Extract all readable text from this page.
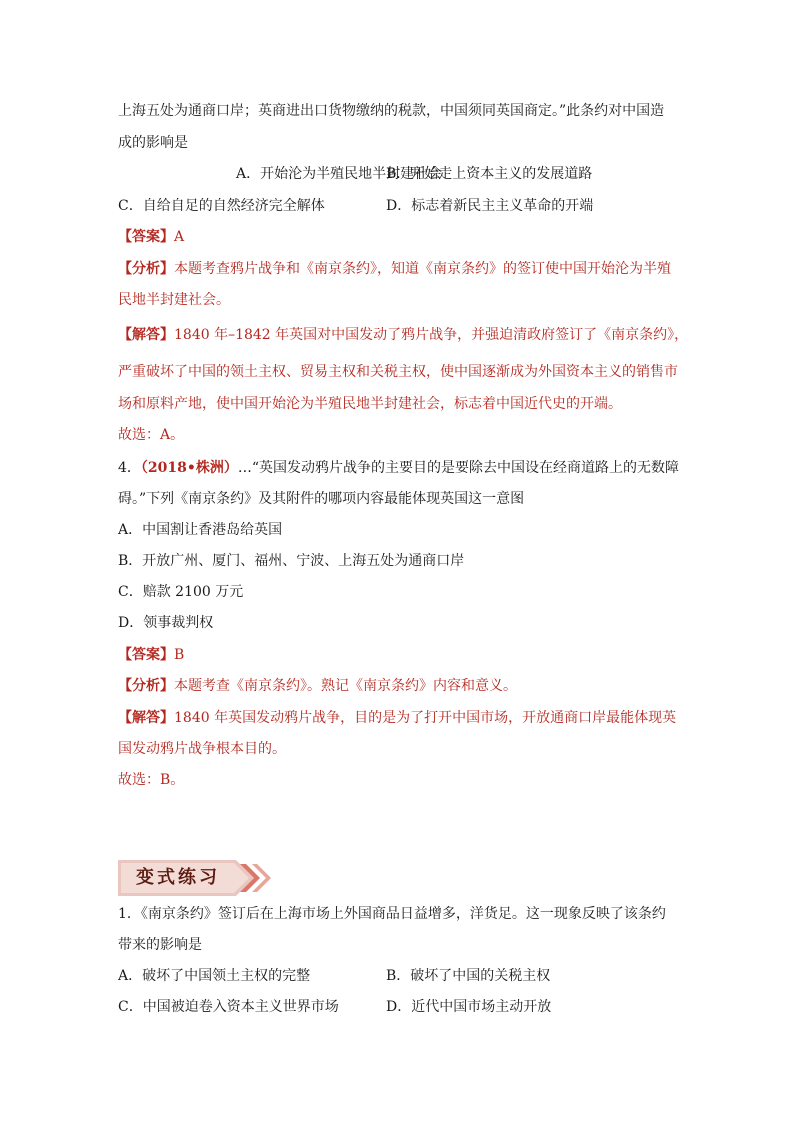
上海五处为通商口岸；英商进出口货物缴纳的税款，中国须同英国商定。”此条约对中国造
成的影响是
A．开始沦为半殖民地半封建社会
B．开始走上资本主义的发展道路
C．自给自足的自然经济完全解体	D．标志着新民主主义革命的开端
【答案】A
【分析】本题考查鸦片战争和《南京条约》，知道《南京条约》的签订使中国开始沦为半殖
民地半封建社会。
【解答】1840 年–1842 年英国对中国发动了鸦片战争，并强迫清政府签订了《南京条约》，
严重破坏了中国的领土主权、贸易主权和关税主权，使中国逐渐成为外国资本主义的销售市
场和原料产地，使中国开始沦为半殖民地半封建社会，标志着中国近代史的开端。
故选：A。
4．（2018•株洲）…“英国发动鸦片战争的主要目的是要除去中国设在经商道路上的无数障
碍。”下列《南京条约》及其附件的哪项内容最能体现英国这一意图
A．中国割让香港岛给英国
B．开放广州、厦门、福州、宁波、上海五处为通商口岸
C．赔款 2100 万元
D．领事裁判权
【答案】B
【分析】本题考查《南京条约》。熟记《南京条约》内容和意义。
【解答】1840 年英国发动鸦片战争，目的是为了打开中国市场，开放通商口岸最能体现英
国发动鸦片战争根本目的。
故选：B。
变式练习
1．《南京条约》签订后在上海市场上外国商品日益增多，洋货足。这一现象反映了该条约
带来的影响是
A．破坏了中国领土主权的完整	B．破坏了中国的关税主权
C．中国被迫卷入资本主义世界市场	D．近代中国市场主动开放
